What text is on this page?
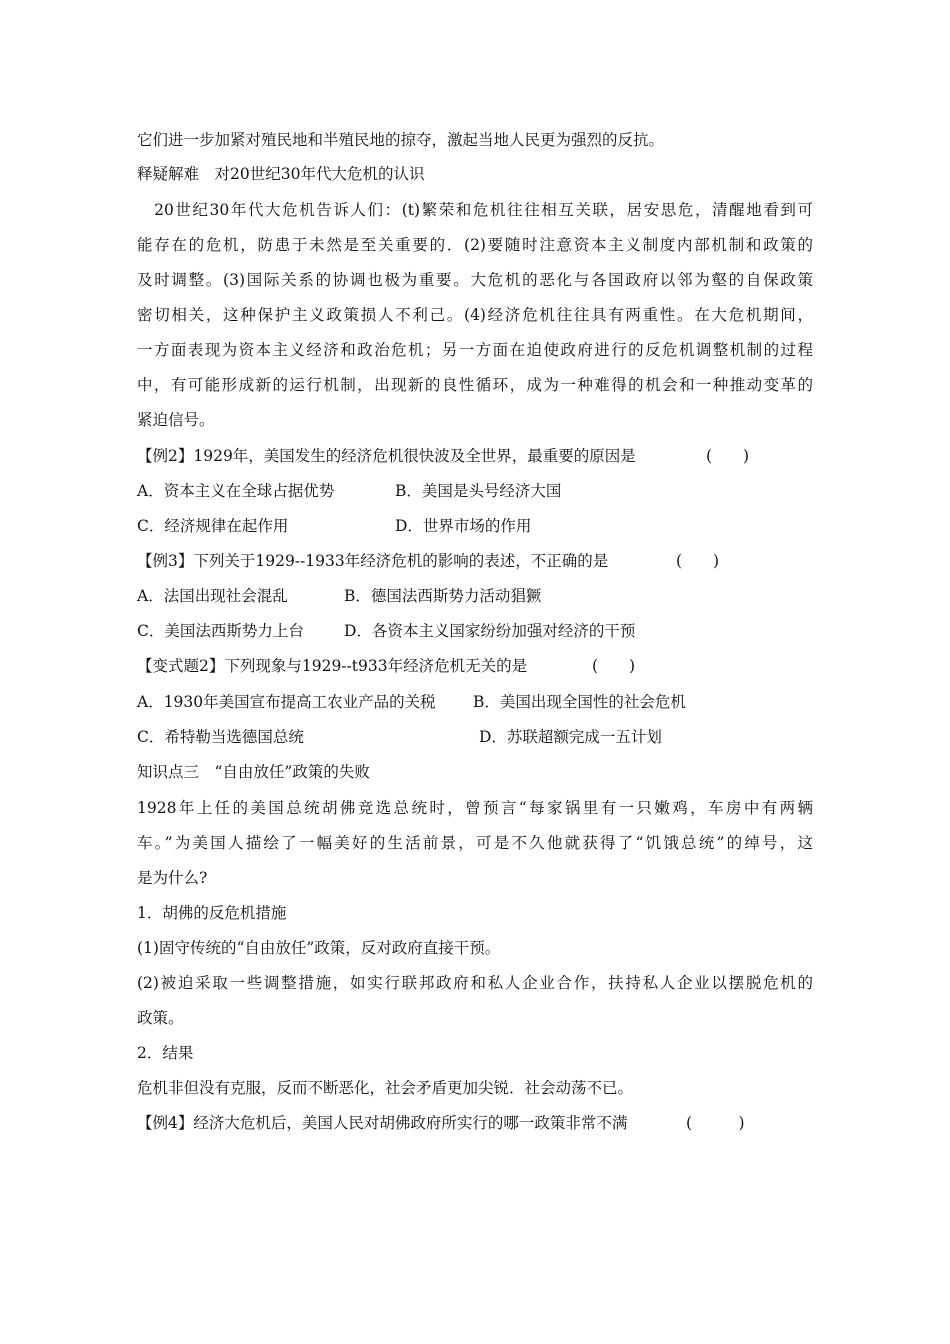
它们进一步加紧对殖民地和半殖民地的掠夺，激起当地人民更为强烈的反抗。
释疑解难　对20世纪30年代大危机的认识
　20世纪30年代大危机告诉人们：(t)繁荣和危机往往相互关联，居安思危，清醒地看到可
能存在的危机，防患于未然是至关重要的．(2)要随时注意资本主义制度内部机制和政策的
及时调整。(3)国际关系的协调也极为重要。大危机的恶化与各国政府以邻为壑的自保政策
密切相关，这种保护主义政策损人不利己。(4)经济危机往往具有两重性。在大危机期间，
一方面表现为资本主义经济和政治危机；另一方面在迫使政府进行的反危机调整机制的过程
中，有可能形成新的运行机制，出现新的良性循环，成为一种难得的机会和一种推动变革的
紧迫信号。
【例2】1929年，美国发生的经济危机很快波及全世界，最重要的原因是	(　　)
A．资本主义在全球占据优势	B．美国是头号经济大国
C．经济规律在起作用	D．世界市场的作用
【例3】下列关于1929--1933年经济危机的影响的表述，不正确的是	(　　)
A．法国出现社会混乱	B．德国法西斯势力活动猖獗
C．美国法西斯势力上台	D．各资本主义国家纷纷加强对经济的干预
【变式题2】下列现象与1929--t933年经济危机无关的是	(　　)
A．1930年美国宣布提高工农业产品的关税 B．美国出现全国性的社会危机
C．希特勒当选德国总统	D．苏联超额完成一五计划
知识点三　“自由放任”政策的失败
1928年上任的美国总统胡佛竞选总统时，曾预言“每家锅里有一只嫩鸡，车房中有两辆
车。”为美国人描绘了一幅美好的生活前景，可是不久他就获得了“饥饿总统”的绰号，这
是为什么?
1．胡佛的反危机措施
(1)固守传统的“自由放任”政策，反对政府直接干预。
(2)被迫采取一些调整措施，如实行联邦政府和私人企业合作，扶持私人企业以摆脱危机的
政策。
2．结果
危机非但没有克服，反而不断恶化，社会矛盾更加尖锐．社会动荡不已。
【例4】经济大危机后，美国人民对胡佛政府所实行的哪一政策非常不满	(　　　)
